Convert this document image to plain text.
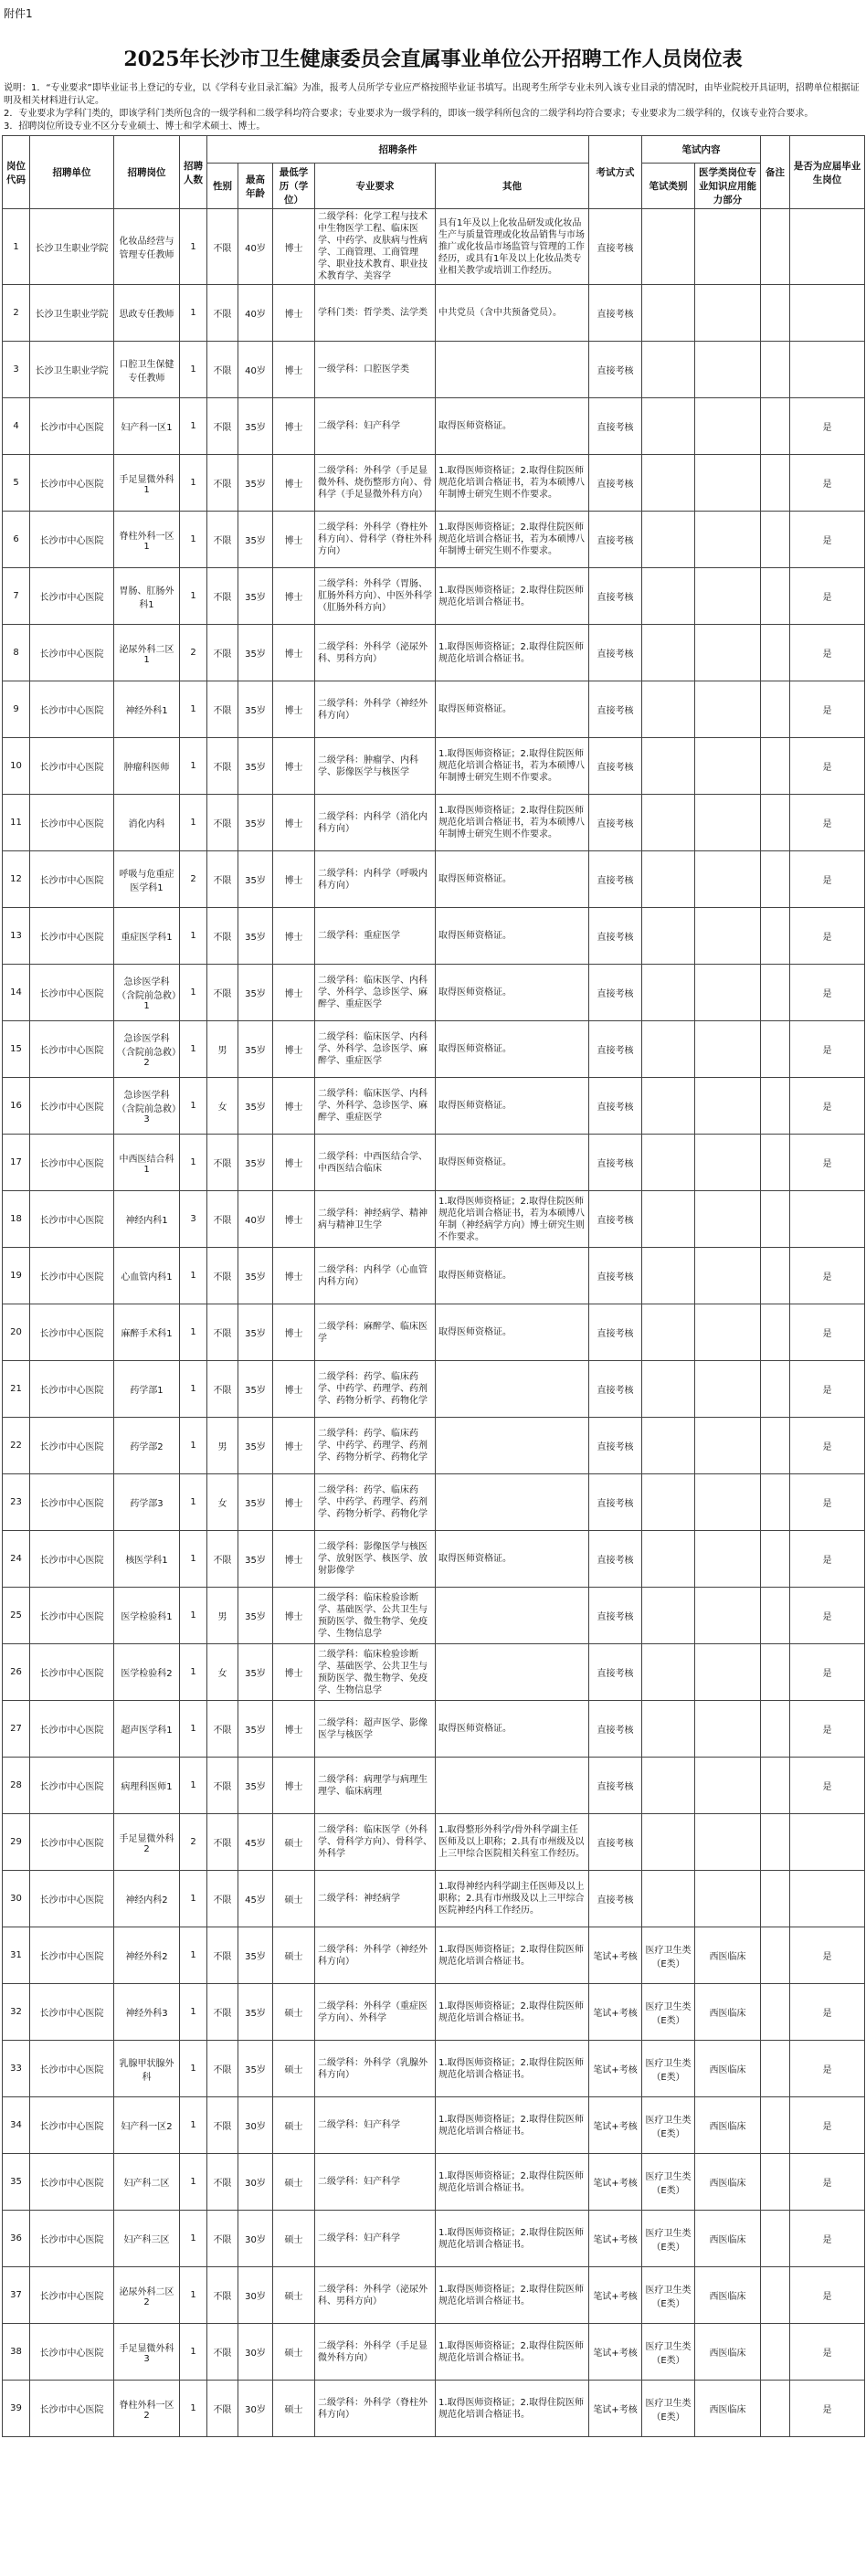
附件1
2025年长沙市卫生健康委员会直属事业单位公开招聘工作人员岗位表
说明：1．“专业要求”即毕业证书上登记的专业，以《学科专业目录汇编》为准，报考人员所学专业应严格按照毕业证书填写。出现考生所学专业未列入该专业目录的情况时，由毕业院校开具证明，招聘单位根据证明及相关材料进行认定。
2．专业要求为学科门类的，即该学科门类所包含的一级学科和二级学科均符合要求；专业要求为一级学科的，即该一级学科所包含的二级学科均符合要求；专业要求为二级学科的，仅该专业符合要求。
3．招聘岗位所设专业不区分专业硕士、博士和学术硕士、博士。
岗位代码	招聘单位	招聘岗位	招聘人数	招聘条件					考试方式	笔试内容		备注	是否为应届毕业生岗位
				性别	最高年龄	最低学历（学位）	专业要求	其他		笔试类别	医学类岗位专业知识应用能力部分		
1	长沙卫生职业学院	化妆品经营与管理专任教师	1	不限	40岁	博士	二级学科：化学工程与技术中生物医学工程、临床医学、中药学、皮肤病与性病学、工商管理、工商管理学、职业技术教育、职业技术教育学、美容学	具有1年及以上化妆品研发或化妆品生产与质量管理或化妆品销售与市场推广或化妆品市场监管与管理的工作经历，或具有1年及以上化妆品类专业相关教学或培训工作经历。	直接考核				
2	长沙卫生职业学院	思政专任教师	1	不限	40岁	博士	学科门类：哲学类、法学类	中共党员（含中共预备党员）。	直接考核				
3	长沙卫生职业学院	口腔卫生保健专任教师	1	不限	40岁	博士	一级学科：口腔医学类		直接考核				
4	长沙市中心医院	妇产科一区1	1	不限	35岁	博士	二级学科：妇产科学	取得医师资格证。	直接考核				是
5	长沙市中心医院	手足显微外科1	1	不限	35岁	博士	二级学科：外科学（手足显微外科、烧伤整形方向）、骨科学（手足显微外科方向）	1.取得医师资格证；2.取得住院医师规范化培训合格证书，若为本硕博八年制博士研究生则不作要求。	直接考核				是
6	长沙市中心医院	脊柱外科一区1	1	不限	35岁	博士	二级学科：外科学（脊柱外科方向）、骨科学（脊柱外科方向）	1.取得医师资格证；2.取得住院医师规范化培训合格证书，若为本硕博八年制博士研究生则不作要求。	直接考核				是
7	长沙市中心医院	胃肠、肛肠外科1	1	不限	35岁	博士	二级学科：外科学（胃肠、肛肠外科方向）、中医外科学（肛肠外科方向）	1.取得医师资格证；2.取得住院医师规范化培训合格证书。	直接考核				是
8	长沙市中心医院	泌尿外科二区1	2	不限	35岁	博士	二级学科：外科学（泌尿外科、男科方向）	1.取得医师资格证；2.取得住院医师规范化培训合格证书。	直接考核				是
9	长沙市中心医院	神经外科1	1	不限	35岁	博士	二级学科：外科学（神经外科方向）	取得医师资格证。	直接考核				是
10	长沙市中心医院	肿瘤科医师	1	不限	35岁	博士	二级学科：肿瘤学、内科学、影像医学与核医学	1.取得医师资格证；2.取得住院医师规范化培训合格证书，若为本硕博八年制博士研究生则不作要求。	直接考核				是
11	长沙市中心医院	消化内科	1	不限	35岁	博士	二级学科：内科学（消化内科方向）	1.取得医师资格证；2.取得住院医师规范化培训合格证书，若为本硕博八年制博士研究生则不作要求。	直接考核				是
12	长沙市中心医院	呼吸与危重症医学科1	2	不限	35岁	博士	二级学科：内科学（呼吸内科方向）	取得医师资格证。	直接考核				是
13	长沙市中心医院	重症医学科1	1	不限	35岁	博士	二级学科：重症医学	取得医师资格证。	直接考核				是
14	长沙市中心医院	急诊医学科（含院前急救）1	1	不限	35岁	博士	二级学科：临床医学、内科学、外科学、急诊医学、麻醉学、重症医学	取得医师资格证。	直接考核				是
15	长沙市中心医院	急诊医学科（含院前急救）2	1	男	35岁	博士	二级学科：临床医学、内科学、外科学、急诊医学、麻醉学、重症医学	取得医师资格证。	直接考核				是
16	长沙市中心医院	急诊医学科（含院前急救）3	1	女	35岁	博士	二级学科：临床医学、内科学、外科学、急诊医学、麻醉学、重症医学	取得医师资格证。	直接考核				是
17	长沙市中心医院	中西医结合科1	1	不限	35岁	博士	二级学科：中西医结合学、中西医结合临床	取得医师资格证。	直接考核				是
18	长沙市中心医院	神经内科1	3	不限	40岁	博士	二级学科：神经病学、精神病与精神卫生学	1.取得医师资格证；2.取得住院医师规范化培训合格证书，若为本硕博八年制（神经病学方向）博士研究生则不作要求。	直接考核				
19	长沙市中心医院	心血管内科1	1	不限	35岁	博士	二级学科：内科学（心血管内科方向）	取得医师资格证。	直接考核				是
20	长沙市中心医院	麻醉手术科1	1	不限	35岁	博士	二级学科：麻醉学、临床医学	取得医师资格证。	直接考核				是
21	长沙市中心医院	药学部1	1	不限	35岁	博士	二级学科：药学、临床药学、中药学、药理学、药剂学、药物分析学、药物化学		直接考核				是
22	长沙市中心医院	药学部2	1	男	35岁	博士	二级学科：药学、临床药学、中药学、药理学、药剂学、药物分析学、药物化学		直接考核				是
23	长沙市中心医院	药学部3	1	女	35岁	博士	二级学科：药学、临床药学、中药学、药理学、药剂学、药物分析学、药物化学		直接考核				是
24	长沙市中心医院	核医学科1	1	不限	35岁	博士	二级学科：影像医学与核医学、放射医学、核医学、放射影像学	取得医师资格证。	直接考核				是
25	长沙市中心医院	医学检验科1	1	男	35岁	博士	二级学科：临床检验诊断学、基础医学、公共卫生与预防医学、微生物学、免疫学、生物信息学		直接考核				是
26	长沙市中心医院	医学检验科2	1	女	35岁	博士	二级学科：临床检验诊断学、基础医学、公共卫生与预防医学、微生物学、免疫学、生物信息学		直接考核				是
27	长沙市中心医院	超声医学科1	1	不限	35岁	博士	二级学科：超声医学、影像医学与核医学	取得医师资格证。	直接考核				是
28	长沙市中心医院	病理科医师1	1	不限	35岁	博士	二级学科：病理学与病理生理学、临床病理		直接考核				是
29	长沙市中心医院	手足显微外科2	2	不限	45岁	硕士	二级学科：临床医学（外科学、骨科学方向）、骨科学、外科学	1.取得整形外科学/骨外科学副主任医师及以上职称；2.具有市州级及以上三甲综合医院相关科室工作经历。	直接考核				
30	长沙市中心医院	神经内科2	1	不限	45岁	硕士	二级学科：神经病学	1.取得神经内科学副主任医师及以上职称；2.具有市州级及以上三甲综合医院神经内科工作经历。	直接考核				
31	长沙市中心医院	神经外科2	1	不限	35岁	硕士	二级学科：外科学（神经外科方向）	1.取得医师资格证；2.取得住院医师规范化培训合格证书。	笔试+考核	医疗卫生类（E类）	西医临床		是
32	长沙市中心医院	神经外科3	1	不限	35岁	硕士	二级学科：外科学（重症医学方向）、外科学	1.取得医师资格证；2.取得住院医师规范化培训合格证书。	笔试+考核	医疗卫生类（E类）	西医临床		是
33	长沙市中心医院	乳腺甲状腺外科	1	不限	35岁	硕士	二级学科：外科学（乳腺外科方向）	1.取得医师资格证；2.取得住院医师规范化培训合格证书。	笔试+考核	医疗卫生类（E类）	西医临床		是
34	长沙市中心医院	妇产科一区2	1	不限	30岁	硕士	二级学科：妇产科学	1.取得医师资格证；2.取得住院医师规范化培训合格证书。	笔试+考核	医疗卫生类（E类）	西医临床		是
35	长沙市中心医院	妇产科二区	1	不限	30岁	硕士	二级学科：妇产科学	1.取得医师资格证；2.取得住院医师规范化培训合格证书。	笔试+考核	医疗卫生类（E类）	西医临床		是
36	长沙市中心医院	妇产科三区	1	不限	30岁	硕士	二级学科：妇产科学	1.取得医师资格证；2.取得住院医师规范化培训合格证书。	笔试+考核	医疗卫生类（E类）	西医临床		是
37	长沙市中心医院	泌尿外科二区2	1	不限	30岁	硕士	二级学科：外科学（泌尿外科、男科方向）	1.取得医师资格证；2.取得住院医师规范化培训合格证书。	笔试+考核	医疗卫生类（E类）	西医临床		是
38	长沙市中心医院	手足显微外科3	1	不限	30岁	硕士	二级学科：外科学（手足显微外科方向）	1.取得医师资格证；2.取得住院医师规范化培训合格证书。	笔试+考核	医疗卫生类（E类）	西医临床		是
39	长沙市中心医院	脊柱外科一区2	1	不限	30岁	硕士	二级学科：外科学（脊柱外科方向）	1.取得医师资格证；2.取得住院医师规范化培训合格证书。	笔试+考核	医疗卫生类（E类）	西医临床		是
